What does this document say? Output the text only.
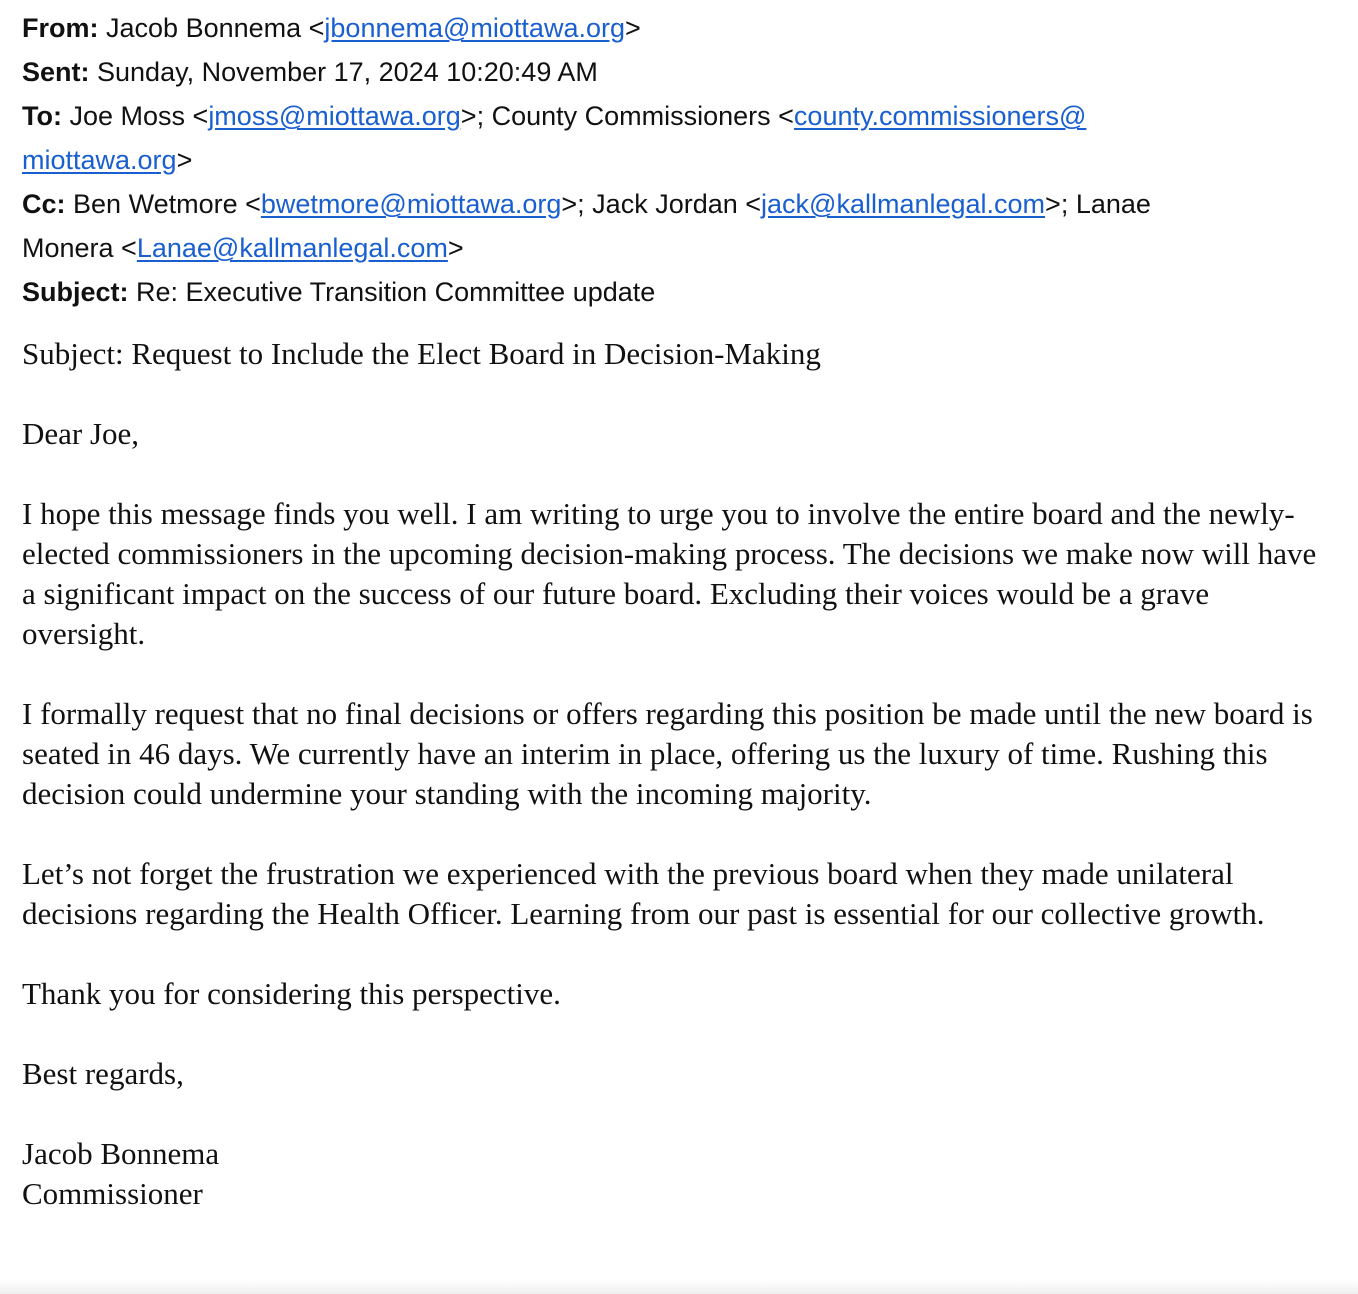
From: Jacob Bonnema <jbonnema@miottawa.org>
Sent: Sunday, November 17, 2024 10:20:49 AM
To: Joe Moss <jmoss@miottawa.org>; County Commissioners <county.commissioners@
miottawa.org>
Cc: Ben Wetmore <bwetmore@miottawa.org>; Jack Jordan <jack@kallmanlegal.com>; Lanae
Monera <Lanae@kallmanlegal.com>
Subject: Re: Executive Transition Committee update

Subject: Request to Include the Elect Board in Decision-Making

Dear Joe,

I hope this message finds you well. I am writing to urge you to involve the entire board and the newly-elected commissioners in the upcoming decision-making process. The decisions we make now will have a significant impact on the success of our future board. Excluding their voices would be a grave oversight.

I formally request that no final decisions or offers regarding this position be made until the new board is seated in 46 days. We currently have an interim in place, offering us the luxury of time. Rushing this decision could undermine your standing with the incoming majority.

Let’s not forget the frustration we experienced with the previous board when they made unilateral decisions regarding the Health Officer. Learning from our past is essential for our collective growth.

Thank you for considering this perspective.

Best regards,

Jacob Bonnema

Commissioner
